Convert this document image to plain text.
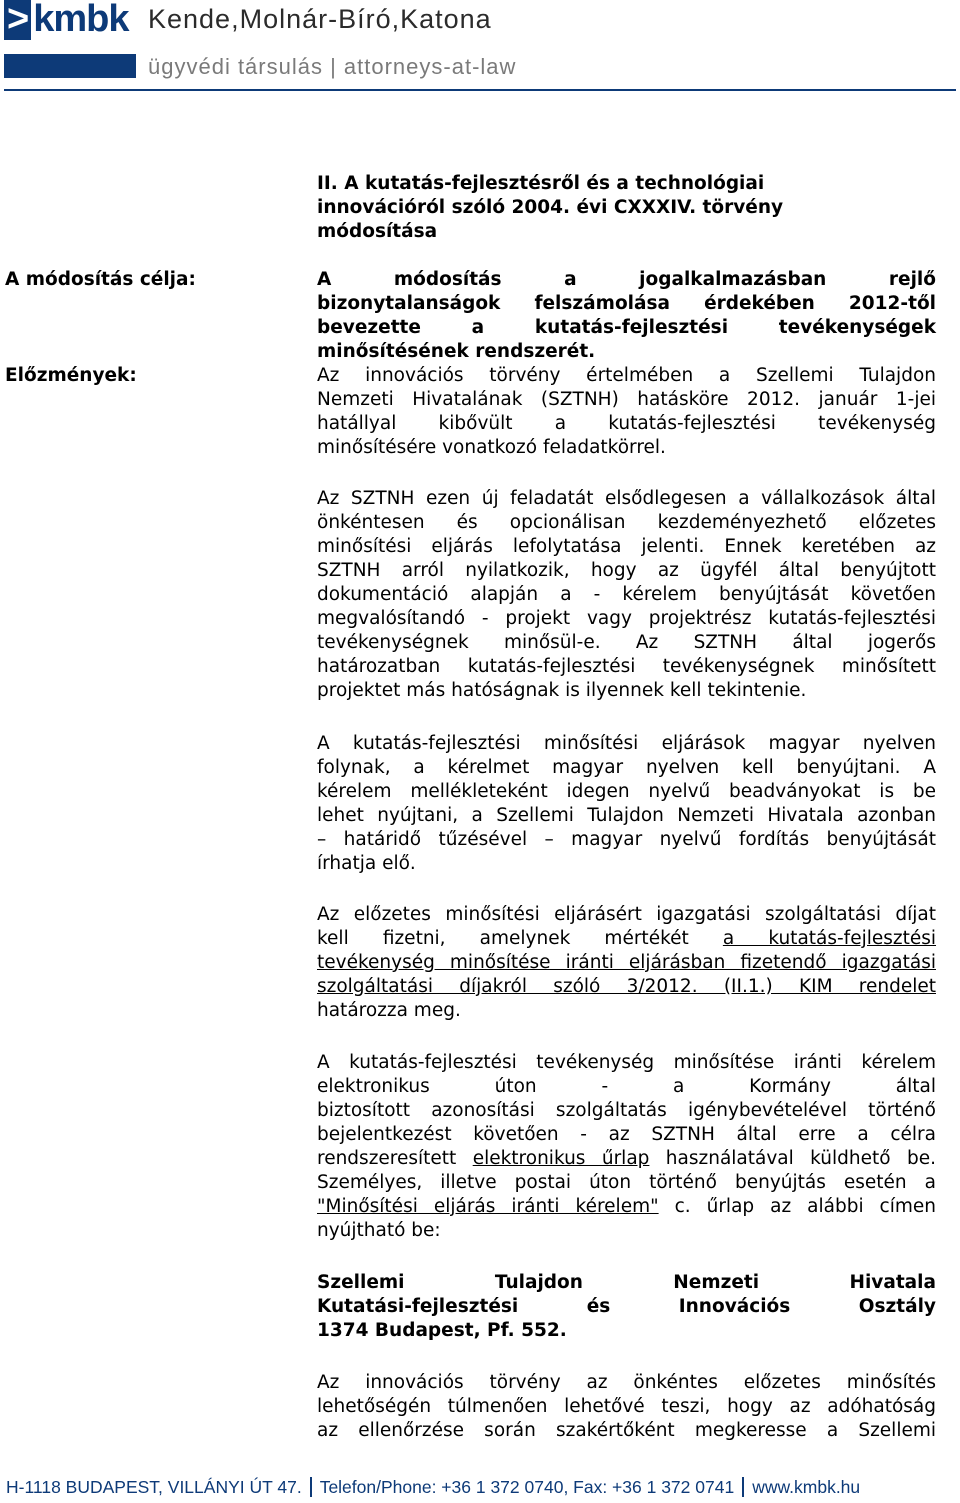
> kmbk Kende,Molnár-Bíró,Katona
ügyvédi társulás | attorneys-at-law

II. A kutatás-fejlesztésről és a technológiai

innovációról szóló 2004. évi CXXXIV. törvény

módosítása

A módosítás célja:	A módosítás a jogalkalmazásban rejlő

bizonytalanságok felszámolása érdekében 2012-től

bevezette a kutatás-fejlesztési tevékenységek

minősítésének rendszerét.

Előzmények:	Az innovációs törvény értelmében a Szellemi Tulajdon

Nemzeti Hivatalának (SZTNH) hatásköre 2012. január 1-jei

hatállyal kibővült a kutatás-fejlesztési tevékenység

minősítésére vonatkozó feladatkörrel.

Az SZTNH ezen új feladatát elsődlegesen a vállalkozások által

önkéntesen és opcionálisan kezdeményezhető előzetes

minősítési eljárás lefolytatása jelenti. Ennek keretében az

SZTNH arról nyilatkozik, hogy az ügyfél által benyújtott

dokumentáció alapján a - kérelem benyújtását követően

megvalósítandó - projekt vagy projektrész kutatás-fejlesztési

tevékenységnek minősül-e. Az SZTNH által jogerős

határozatban kutatás-fejlesztési tevékenységnek minősített

projektet más hatóságnak is ilyennek kell tekintenie.

A kutatás-fejlesztési minősítési eljárások magyar nyelven

folynak, a kérelmet magyar nyelven kell benyújtani. A

kérelem mellékleteként idegen nyelvű beadványokat is be

lehet nyújtani, a Szellemi Tulajdon Nemzeti Hivatala azonban

– határidő tűzésével – magyar nyelvű fordítás benyújtását

írhatja elő.

Az előzetes minősítési eljárásért igazgatási szolgáltatási díjat

kell fizetni, amelynek mértékét a kutatás-fejlesztési

tevékenység minősítése iránti eljárásban fizetendő igazgatási

szolgáltatási díjakról szóló 3/2012. (II.1.) KIM rendelet

határozza meg.

A kutatás-fejlesztési tevékenység minősítése iránti kérelem

elektronikus úton - a Kormány által

biztosított azonosítási szolgáltatás igénybevételével történő

bejelentkezést követően - az SZTNH által erre a célra

rendszeresített elektronikus űrlap használatával küldhető be.

Személyes, illetve postai úton történő benyújtás esetén a

"Minősítési eljárás iránti kérelem" c. űrlap az alábbi címen

nyújtható be:

Szellemi Tulajdon Nemzeti Hivatala

Kutatási-fejlesztési és Innovációs Osztály

1374 Budapest, Pf. 552.

Az innovációs törvény az önkéntes előzetes minősítés

lehetőségén túlmenően lehetővé teszi, hogy az adóhatóság

az ellenőrzése során szakértőként megkeresse a Szellemi

H-1118 BUDAPEST, VILLÁNYI ÚT 47. Telefon/Phone: +36 1 372 0740, Fax: +36 1 372 0741 www.kmbk.hu
